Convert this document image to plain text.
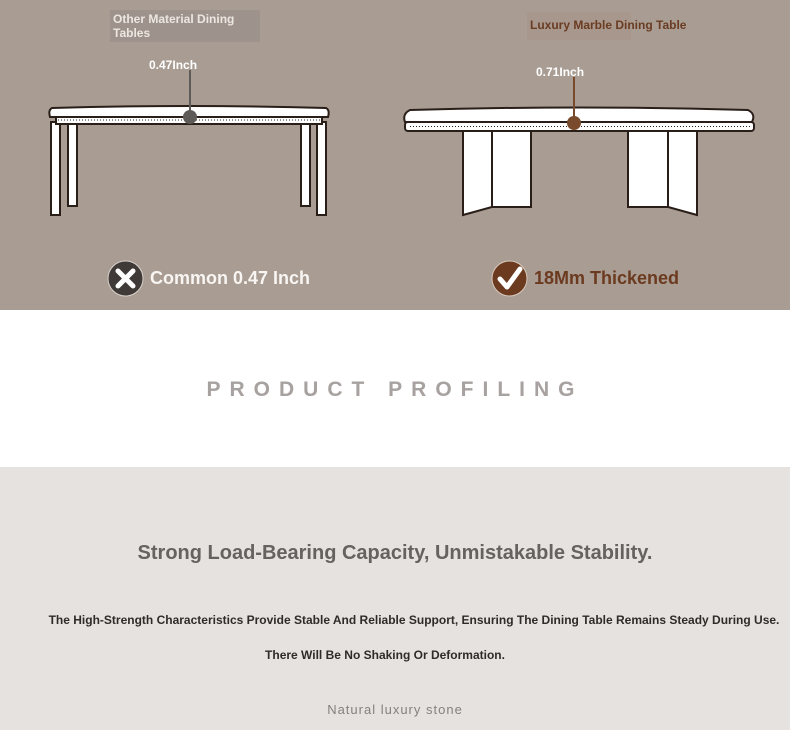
Other Material Dining Tables
Luxury Marble Dining Table
0.47Inch	0.71Inch
Common 0.47 Inch	18Mm Thickened
PRODUCT PROFILING
Strong Load-Bearing Capacity, Unmistakable Stability.
The High-Strength Characteristics Provide Stable And Reliable Support, Ensuring The Dining Table Remains Steady During Use.
There Will Be No Shaking Or Deformation.
Natural luxury stone
